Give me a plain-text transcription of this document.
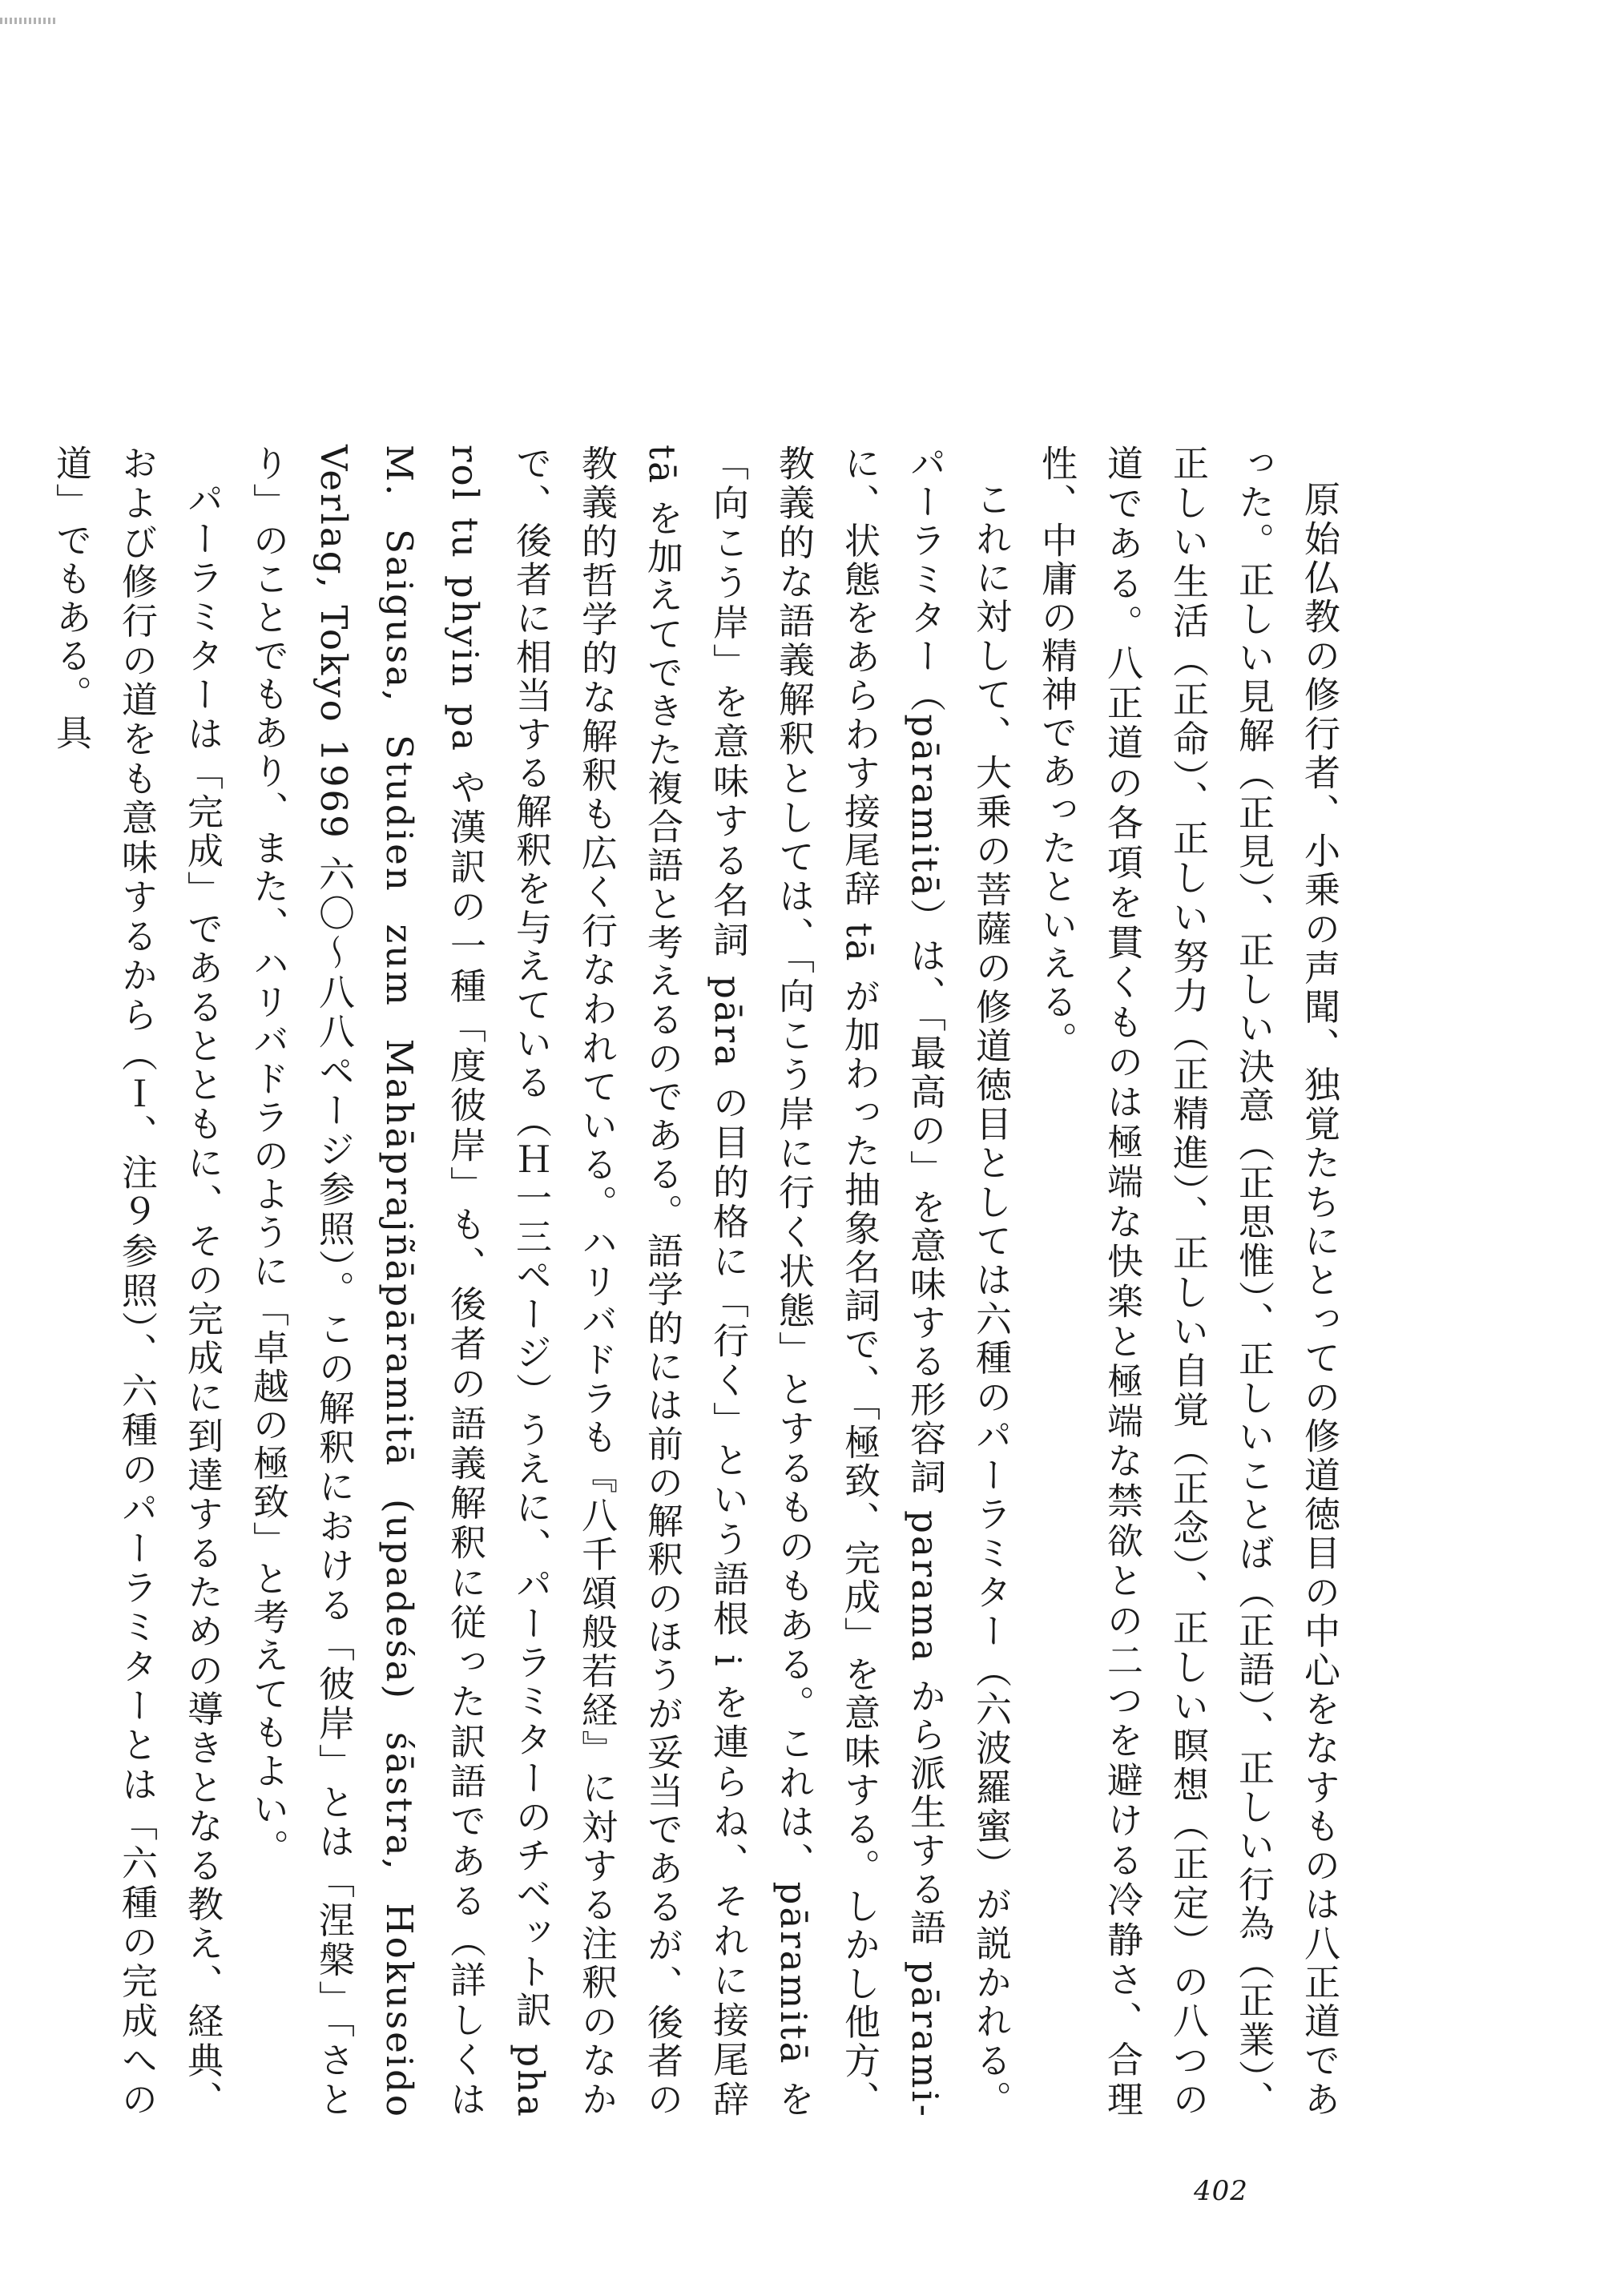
原始仏教の修行者、小乗の声聞、独覚たちにとっての修道徳目の中心をなすものは八正道であった。正しい見解（正見）、正しい決意（正思惟）、正しいことば（正語）、正しい行為（正業）、正しい生活（正命）、正しい努力（正精進）、正しい自覚（正念）、正しい瞑想（正定）の八つの道である。八正道の各項を貫くものは極端な快楽と極端な禁欲との二つを避ける冷静さ、合理性、中庸の精神であったといえる。

これに対して、大乗の菩薩の修道徳目としては六種のパーラミター（六波羅蜜）が説かれる。パーラミター（pāramitā）は、「最高の」を意味する形容詞 parama から派生する語 pārami- に、状態をあらわす接尾辞 tā が加わった抽象名詞で、「極致、完成」を意味する。しかし他方、教義的な語義解釈としては、「向こう岸に行く状態」とするものもある。これは、pāramitā を「向こう岸」を意味する名詞 pāra の目的格に「行く」という語根 i を連らね、それに接尾辞 tā を加えてできた複合語と考えるのである。語学的には前の解釈のほうが妥当であるが、後者の教義的哲学的な解釈も広く行なわれている。ハリバドラも『八千頌般若経』に対する注釈のなかで、後者に相当する解釈を与えている（Ｈ一三ページ）うえに、パーラミターのチベット訳 pha rol tu phyin pa や漢訳の一種「度彼岸」も、後者の語義解釈に従った訳語である（詳しくは M. Saigusa, Studien zum Mahāprajñāpāramitā (upadeśa) śāstra, Hokuseido Verlag, Tokyo 1969 六〇〜八八ページ参照）。この解釈における「彼岸」とは「涅槃」「さとり」のことでもあり、また、ハリバドラのように「卓越の極致」と考えてもよい。

パーラミターは「完成」であるとともに、その完成に到達するための導きとなる教え、経典、および修行の道をも意味するから（Ｉ、注９参照）、六種のパーラミターとは「六種の完成への道」でもある。具

402
